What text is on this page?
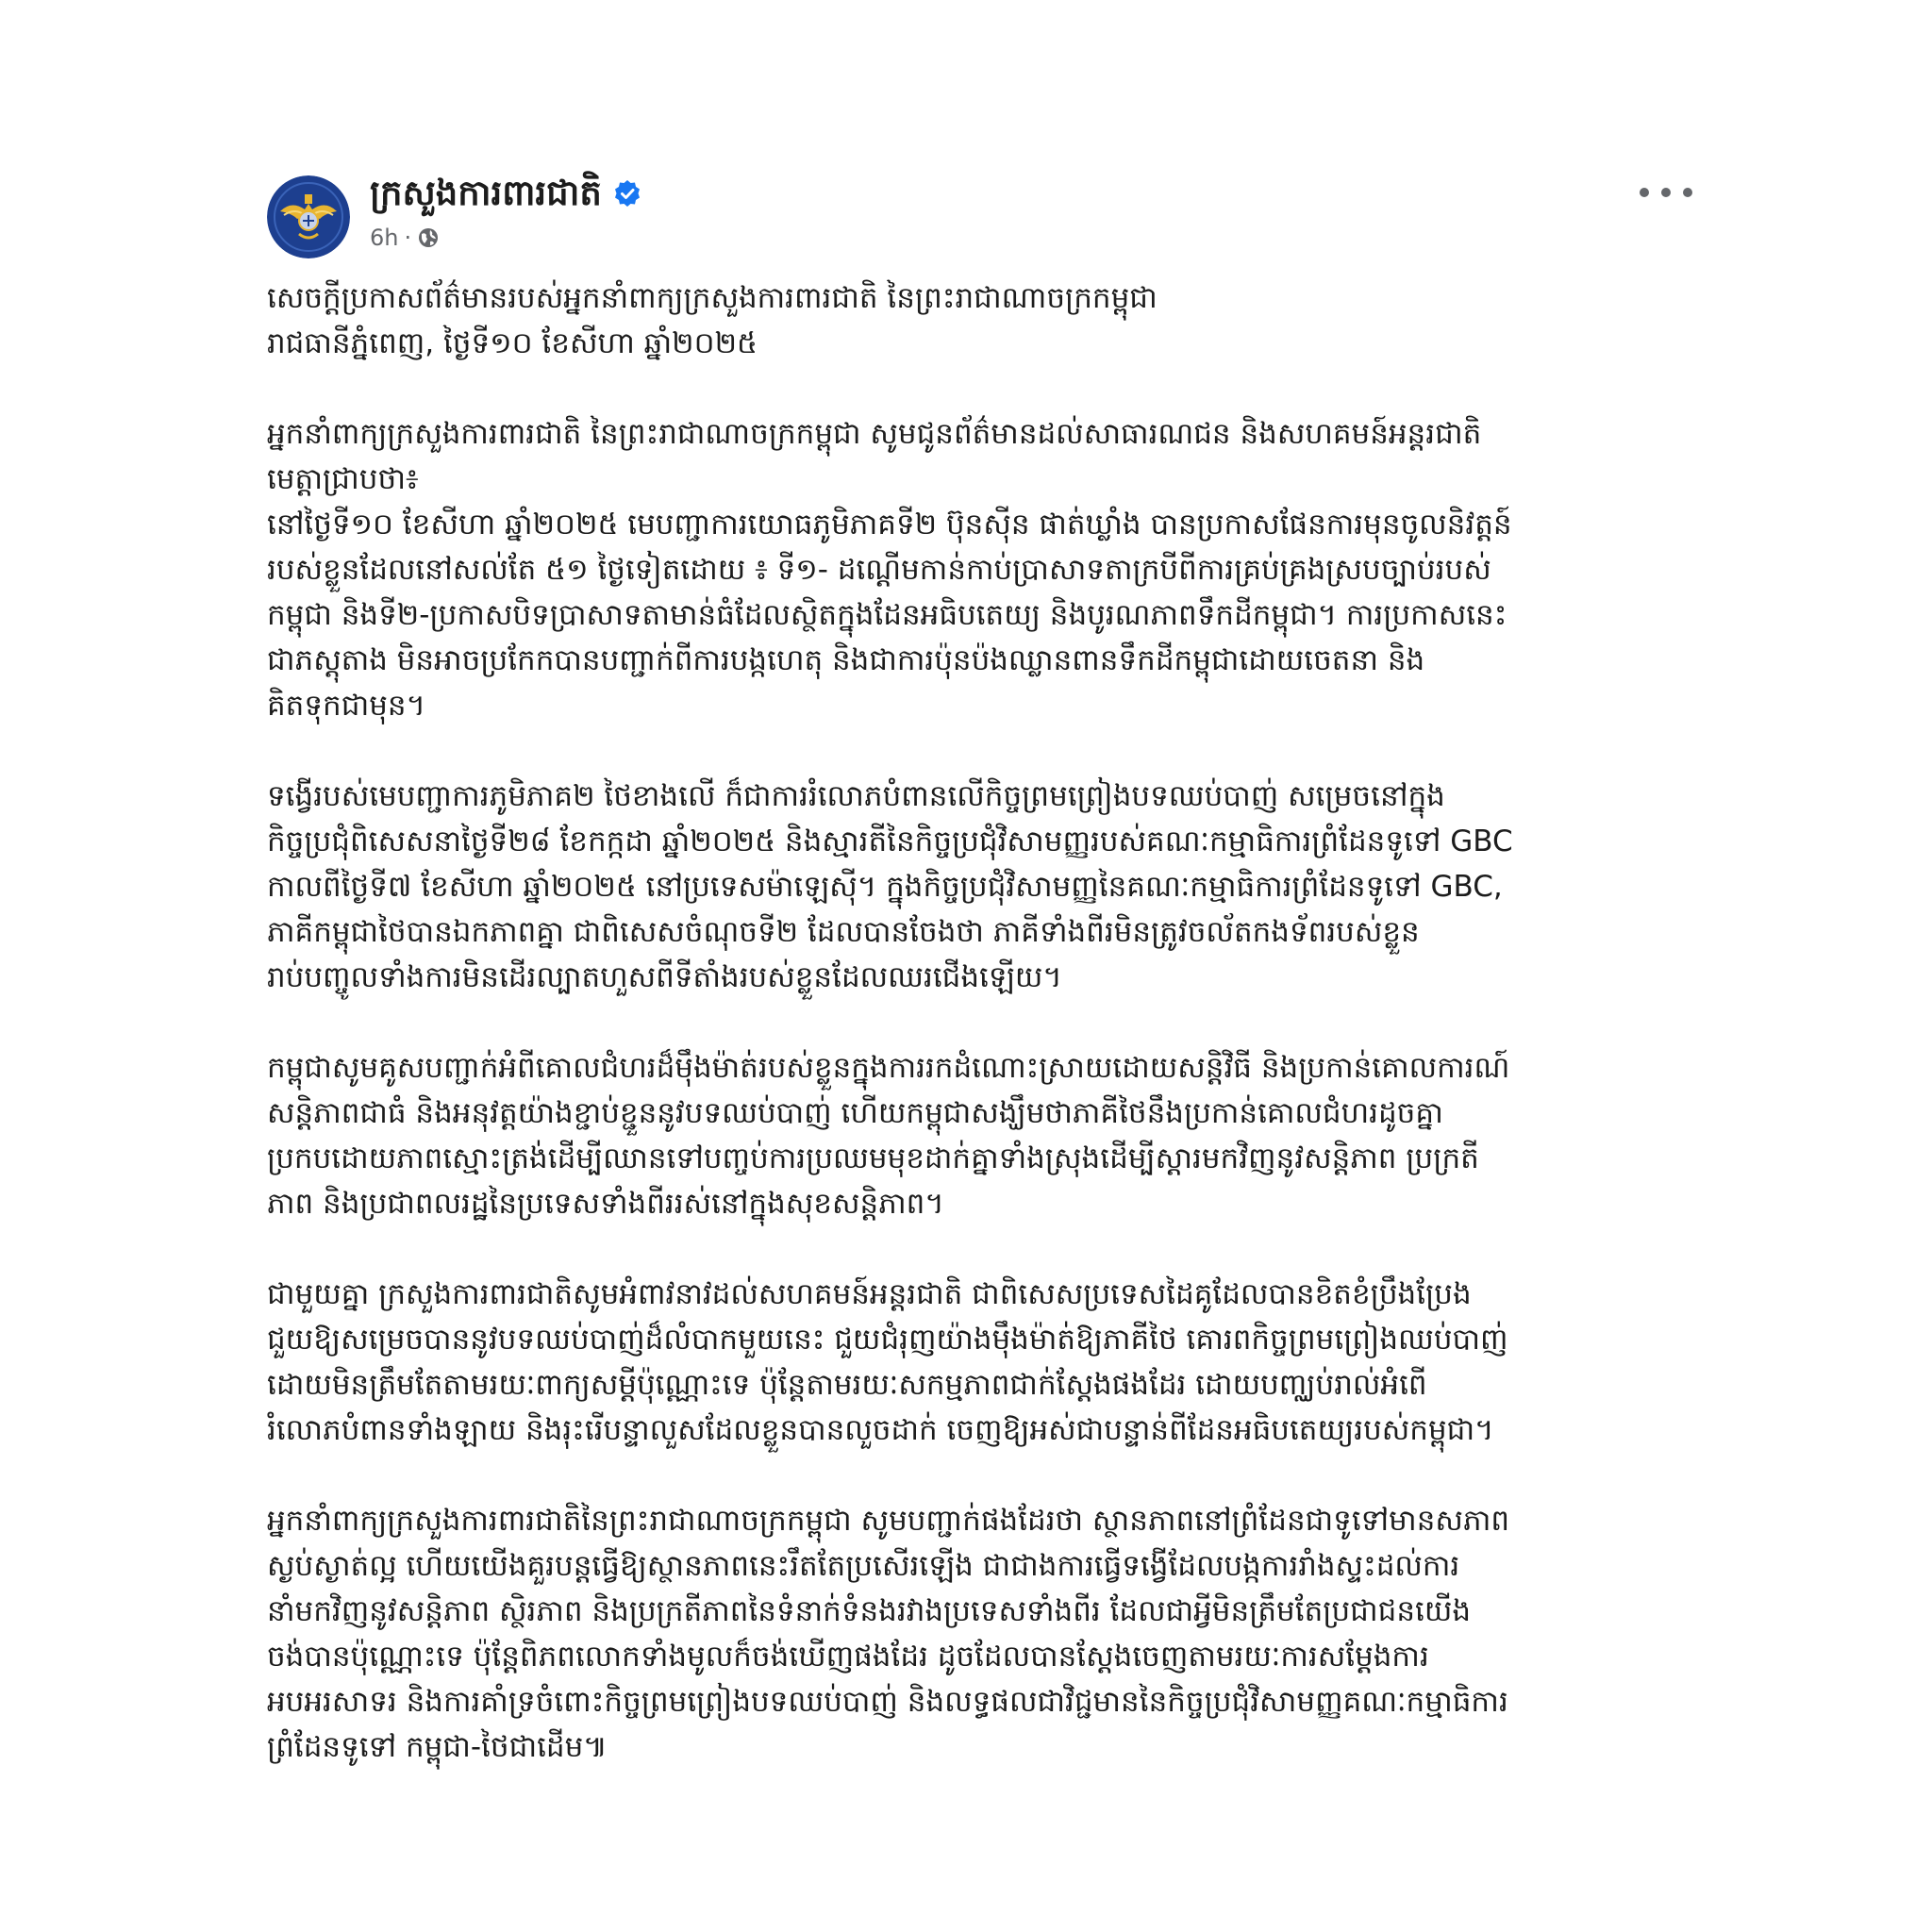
ក្រសួងការពារជាតិ
6h ·
សេចក្ដីប្រកាសព័ត៌មានរបស់អ្នកនាំពាក្យក្រសួងការពារជាតិ នៃព្រះរាជាណាចក្រកម្ពុជា
រាជធានីភ្នំពេញ, ថ្ងៃទី១០ ខែសីហា ឆ្នាំ២០២៥
អ្នកនាំពាក្យក្រសួងការពារជាតិ នៃព្រះរាជាណាចក្រកម្ពុជា សូមជូនព័ត៌មានដល់សាធារណជន និងសហគមន៍អន្តរជាតិ
មេត្តាជ្រាបថា៖
នៅថ្ងៃទី១០ ខែសីហា ឆ្នាំ២០២៥ មេបញ្ជាការយោធភូមិភាគទី២ ប៊ុនស៊ីន ផាត់ឃ្លាំង បានប្រកាសផែនការមុនចូលនិវត្តន៍
របស់ខ្លួនដែលនៅសល់តែ ៥១ ថ្ងៃទៀតដោយ ៖ ទី១- ដណ្ដើមកាន់កាប់ប្រាសាទតាក្របីពីការគ្រប់គ្រងស្របច្បាប់របស់
កម្ពុជា និងទី២-ប្រកាសបិទប្រាសាទតាមាន់ធំដែលស្ថិតក្នុងដែនអធិបតេយ្យ និងបូរណភាពទឹកដីកម្ពុជា។ ការប្រកាសនេះ
ជាភស្តុតាង មិនអាចប្រកែកបានបញ្ជាក់ពីការបង្កហេតុ និងជាការប៉ុនប៉ងឈ្លានពានទឹកដីកម្ពុជាដោយចេតនា និង
គិតទុកជាមុន។
ទង្វើរបស់មេបញ្ជាការភូមិភាគ២ ថៃខាងលើ ក៏ជាការរំលោភបំពានលើកិច្ចព្រមព្រៀងបទឈប់បាញ់ សម្រេចនៅក្នុង
កិច្ចប្រជុំពិសេសនាថ្ងៃទី២៨ ខែកក្កដា ឆ្នាំ២០២៥ និងស្មារតីនៃកិច្ចប្រជុំវិសាមញ្ញរបស់គណៈកម្មាធិការព្រំដែនទូទៅ GBC
កាលពីថ្ងៃទី៧ ខែសីហា ឆ្នាំ២០២៥ នៅប្រទេសម៉ាឡេស៊ី។ ក្នុងកិច្ចប្រជុំវិសាមញ្ញនៃគណៈកម្មាធិការព្រំដែនទូទៅ GBC,
ភាគីកម្ពុជាថៃបានឯកភាពគ្នា ជាពិសេសចំណុចទី២ ដែលបានចែងថា ភាគីទាំងពីរមិនត្រូវចល័តកងទ័ពរបស់ខ្លួន
រាប់បញ្ចូលទាំងការមិនដើរល្បាតហួសពីទីតាំងរបស់ខ្លួនដែលឈរជើងឡើយ។
កម្ពុជាសូមគូសបញ្ជាក់អំពីគោលជំហរដ៏មុឹងម៉ាត់របស់ខ្លួនក្នុងការរកដំណោះស្រាយដោយសន្តិវិធី និងប្រកាន់គោលការណ៍
សន្តិភាពជាធំ និងអនុវត្តយ៉ាងខ្ជាប់ខ្ជួននូវបទឈប់បាញ់ ហើយកម្ពុជាសង្ឃឹមថាភាគីថៃនឹងប្រកាន់គោលជំហរដូចគ្នា
ប្រកបដោយភាពស្មោះត្រង់ដើម្បីឈានទៅបញ្ចប់ការប្រឈមមុខដាក់គ្នាទាំងស្រុងដើម្បីស្ដារមកវិញនូវសន្តិភាព ប្រក្រតី
ភាព និងប្រជាពលរដ្ឋនៃប្រទេសទាំងពីររស់នៅក្នុងសុខសន្តិភាព។
ជាមួយគ្នា ក្រសួងការពារជាតិសូមអំពាវនាវដល់សហគមន៍អន្តរជាតិ ជាពិសេសប្រទេសដៃគូដែលបានខិតខំប្រឹងប្រែង
ជួយឱ្យសម្រេចបាននូវបទឈប់បាញ់ដ៏លំបាកមួយនេះ ជួយជំរុញយ៉ាងមុឹងម៉ាត់ឱ្យភាគីថៃ គោរពកិច្ចព្រមព្រៀងឈប់បាញ់
ដោយមិនត្រឹមតែតាមរយៈពាក្យសម្ដីប៉ុណ្ណោះទេ ប៉ុន្តែតាមរយៈសកម្មភាពជាក់ស្ដែងផងដែរ ដោយបញ្ឈប់រាល់អំពើ
រំលោភបំពានទាំងឡាយ និងរុះរើបន្ទាលួសដែលខ្លួនបានលួចដាក់ ចេញឱ្យអស់ជាបន្ទាន់ពីដែនអធិបតេយ្យរបស់កម្ពុជា។
អ្នកនាំពាក្យក្រសួងការពារជាតិនៃព្រះរាជាណាចក្រកម្ពុជា សូមបញ្ជាក់ផងដែរថា ស្ថានភាពនៅព្រំដែនជាទូទៅមានសភាព
ស្ងប់ស្ងាត់ល្អ ហើយយើងគួរបន្តធ្វើឱ្យស្ថានភាពនេះរឹតតែប្រសើរឡើង ជាជាងការធ្វើទង្វើដែលបង្កការរាំងស្ទះដល់ការ
នាំមកវិញនូវសន្តិភាព ស្ថិរភាព និងប្រក្រតីភាពនៃទំនាក់ទំនងរវាងប្រទេសទាំងពីរ ដែលជាអ្វីមិនត្រឹមតែប្រជាជនយើង
ចង់បានប៉ុណ្ណោះទេ ប៉ុន្តែពិភពលោកទាំងមូលក៏ចង់ឃើញផងដែរ ដូចដែលបានស្ដែងចេញតាមរយៈការសម្ដែងការ
អបអរសាទរ និងការគាំទ្រចំពោះកិច្ចព្រមព្រៀងបទឈប់បាញ់ និងលទ្ធផលជាវិជ្ជមាននៃកិច្ចប្រជុំវិសាមញ្ញគណៈកម្មាធិការ
ព្រំដែនទូទៅ កម្ពុជា-ថៃជាដើម៕
